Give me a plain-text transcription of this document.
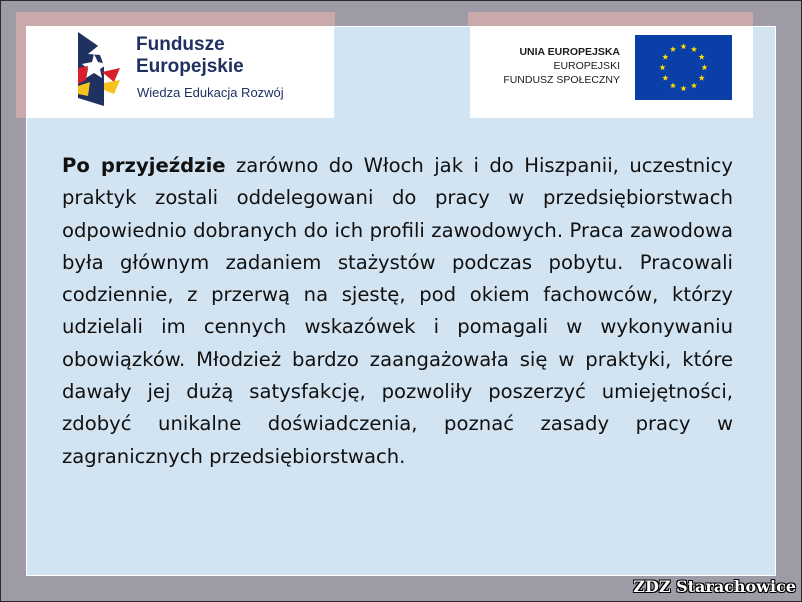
Fundusze
Europejskie
Wiedza Edukacja Rozwój
UNIA EUROPEJSKA
EUROPEJSKI
FUNDUSZ SPOŁECZNY
Po przyjeździe zarówno do Włoch jak i do Hiszpanii, uczestnicy praktyk zostali oddelegowani do pracy w przedsiębiorstwach odpowiednio dobranych do ich profili zawodowych. Praca zawodowa była głównym zadaniem stażystów podczas pobytu. Pracowali codziennie, z przerwą na sjestę, pod okiem fachowców, którzy udzielali im cennych wskazówek i pomagali w wykonywaniu obowiązków. Młodzież bardzo zaangażowała się w praktyki, które dawały jej dużą satysfakcję, pozwoliły poszerzyć umiejętności, zdobyć unikalne doświadczenia, poznać zasady pracy w zagranicznych przedsiębiorstwach.
ZDZ Starachowice
